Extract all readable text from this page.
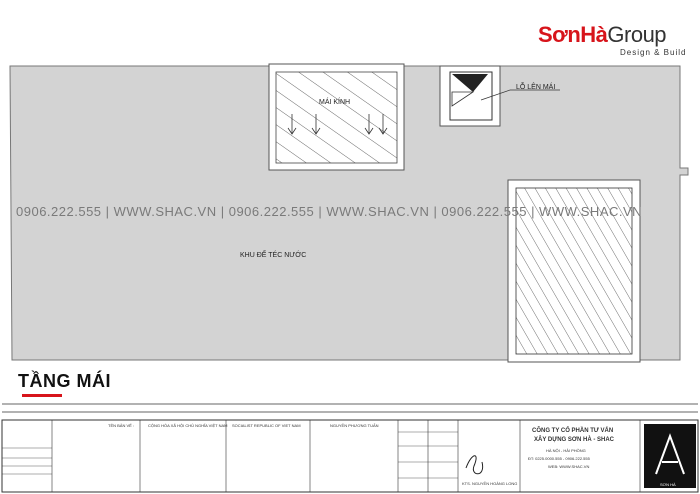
SơnHàGroup
Design & Build
MÁI KÍNH
LỖ LÊN MÁI
KHU ĐỂ TÉC NƯỚC
0906.222.555 | WWW.SHAC.VN | 0906.222.555 | WWW.SHAC.VN | 0906.222.555 | WWW.SHAC.VN
TẦNG MÁI
TÊN BẢN VẼ :	CỘNG HÒA XÃ HỘI CHỦ NGHĨA VIỆT NAM SOCIALIST REPUBLIC OF VIET NAM	NGUYỄN PHƯƠNG TUẤN
KTS. NGUYỄN HOÀNG LONG
CÔNG TY CỔ PHẦN TƯ VẤN
XÂY DỰNG SƠN HÀ - SHAC
HÀ NỘI - HẢI PHÒNG
ĐT: 0225.0000.555 - 0906.222.555
WEB: WWW.SHAC.VN
SƠN HÀ
